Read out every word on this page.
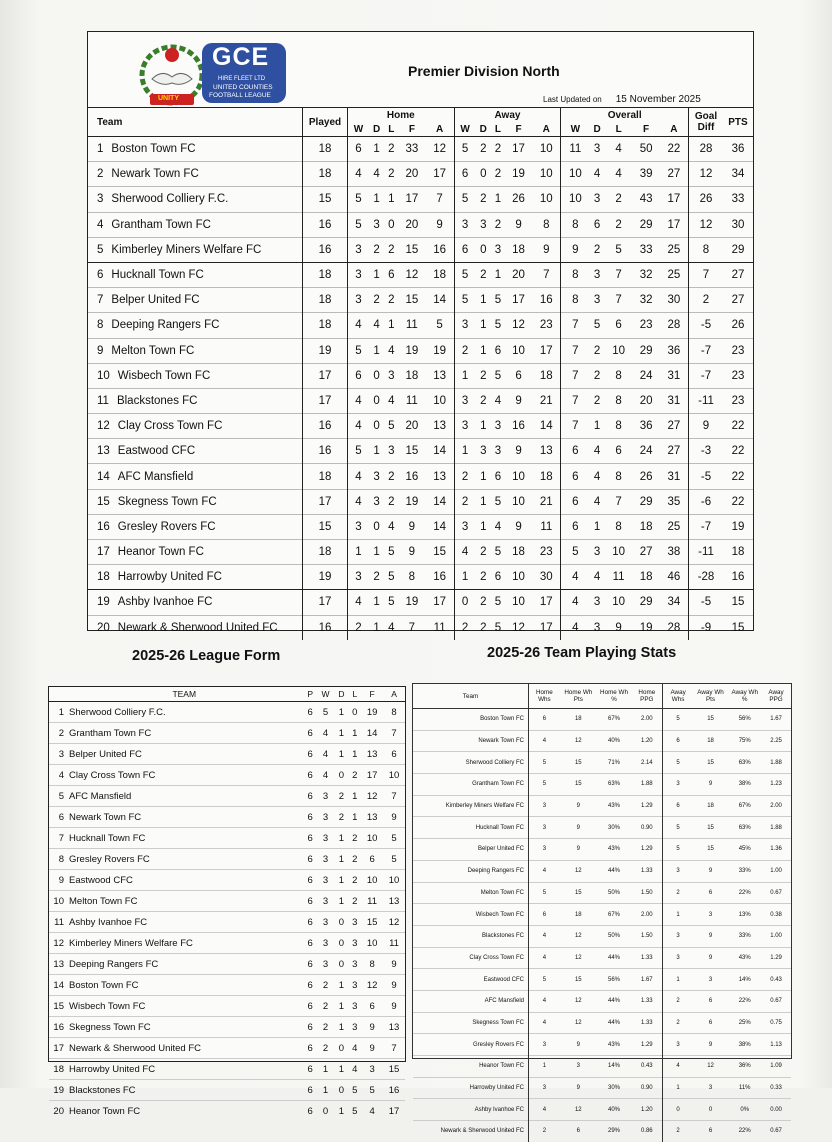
GCE
HIRE FLEET LTD
UNITED COUNTIES
FOOTBALL LEAGUE
UNITY
Premier Division North
Last Updated on 15 November 2025
Team	Played	Home					Away					Overall					Goal
Diff	PTS
		W	D	L	F	A	W	D	L	F	A	W	D	L	F	A		
1 Boston Town FC	18	6	1	2	33	12	5	2	2	17	10	11	3	4	50	22	28	36
2 Newark Town FC	18	4	4	2	20	17	6	0	2	19	10	10	4	4	39	27	12	34
3 Sherwood Colliery F.C.	15	5	1	1	17	7	5	2	1	26	10	10	3	2	43	17	26	33
4 Grantham Town FC	16	5	3	0	20	9	3	3	2	9	8	8	6	2	29	17	12	30
5 Kimberley Miners Welfare FC	16	3	2	2	15	16	6	0	3	18	9	9	2	5	33	25	8	29
6 Hucknall Town FC	18	3	1	6	12	18	5	2	1	20	7	8	3	7	32	25	7	27
7 Belper United FC	18	3	2	2	15	14	5	1	5	17	16	8	3	7	32	30	2	27
8 Deeping Rangers FC	18	4	4	1	11	5	3	1	5	12	23	7	5	6	23	28	-5	26
9 Melton Town FC	19	5	1	4	19	19	2	1	6	10	17	7	2	10	29	36	-7	23
10 Wisbech Town FC	17	6	0	3	18	13	1	2	5	6	18	7	2	8	24	31	-7	23
11 Blackstones FC	17	4	0	4	11	10	3	2	4	9	21	7	2	8	20	31	-11	23
12 Clay Cross Town FC	16	4	0	5	20	13	3	1	3	16	14	7	1	8	36	27	9	22
13 Eastwood CFC	16	5	1	3	15	14	1	3	3	9	13	6	4	6	24	27	-3	22
14 AFC Mansfield	18	4	3	2	16	13	2	1	6	10	18	6	4	8	26	31	-5	22
15 Skegness Town FC	17	4	3	2	19	14	2	1	5	10	21	6	4	7	29	35	-6	22
16 Gresley Rovers FC	15	3	0	4	9	14	3	1	4	9	11	6	1	8	18	25	-7	19
17 Heanor Town FC	18	1	1	5	9	15	4	2	5	18	23	5	3	10	27	38	-11	18
18 Harrowby United FC	19	3	2	5	8	16	1	2	6	10	30	4	4	11	18	46	-28	16
19 Ashby Ivanhoe FC	17	4	1	5	19	17	0	2	5	10	17	4	3	10	29	34	-5	15
20 Newark & Sherwood United FC	16	2	1	4	7	11	2	2	5	12	17	4	3	9	19	28	-9	15
2025-26 League Form	2025-26 Team Playing Stats
	TEAM	P	W	D	L	F	A
1	Sherwood Colliery F.C.	6	5	1	0	19	8
2	Grantham Town FC	6	4	1	1	14	7
3	Belper United FC	6	4	1	1	13	6
4	Clay Cross Town FC	6	4	0	2	17	10
5	AFC Mansfield	6	3	2	1	12	7
6	Newark Town FC	6	3	2	1	13	9
7	Hucknall Town FC	6	3	1	2	10	5
8	Gresley Rovers FC	6	3	1	2	6	5
9	Eastwood CFC	6	3	1	2	10	10
10	Melton Town FC	6	3	1	2	11	13
11	Ashby Ivanhoe FC	6	3	0	3	15	12
12	Kimberley Miners Welfare FC	6	3	0	3	10	11
13	Deeping Rangers FC	6	3	0	3	8	9
14	Boston Town FC	6	2	1	3	12	9
15	Wisbech Town FC	6	2	1	3	6	9
16	Skegness Town FC	6	2	1	3	9	13
17	Newark & Sherwood United FC	6	2	0	4	9	7
18	Harrowby United FC	6	1	1	4	3	15
19	Blackstones FC	6	1	0	5	5	16
20	Heanor Town FC	6	0	1	5	4	17
Team	Home Whs	Home Wh Pts	Home Wh %	Home PPG	Away Whs	Away Wh Pts	Away Wh %	Away PPG
Boston Town FC	6	18	67%	2.00	5	15	56%	1.67
Newark Town FC	4	12	40%	1.20	6	18	75%	2.25
Sherwood Colliery FC	5	15	71%	2.14	5	15	63%	1.88
Grantham Town FC	5	15	63%	1.88	3	9	38%	1.23
Kimberley Miners Welfare FC	3	9	43%	1.29	6	18	67%	2.00
Hucknall Town FC	3	9	30%	0.90	5	15	63%	1.88
Belper United FC	3	9	43%	1.29	5	15	45%	1.36
Deeping Rangers FC	4	12	44%	1.33	3	9	33%	1.00
Melton Town FC	5	15	50%	1.50	2	6	22%	0.67
Wisbech Town FC	6	18	67%	2.00	1	3	13%	0.38
Blackstones FC	4	12	50%	1.50	3	9	33%	1.00
Clay Cross Town FC	4	12	44%	1.33	3	9	43%	1.29
Eastwood CFC	5	15	56%	1.67	1	3	14%	0.43
AFC Mansfield	4	12	44%	1.33	2	6	22%	0.67
Skegness Town FC	4	12	44%	1.33	2	6	25%	0.75
Gresley Rovers FC	3	9	43%	1.29	3	9	38%	1.13
Heanor Town FC	1	3	14%	0.43	4	12	36%	1.09
Harrowby United FC	3	9	30%	0.90	1	3	11%	0.33
Ashby Ivanhoe FC	4	12	40%	1.20	0	0	0%	0.00
Newark & Sherwood United FC	2	6	29%	0.86	2	6	22%	0.67
